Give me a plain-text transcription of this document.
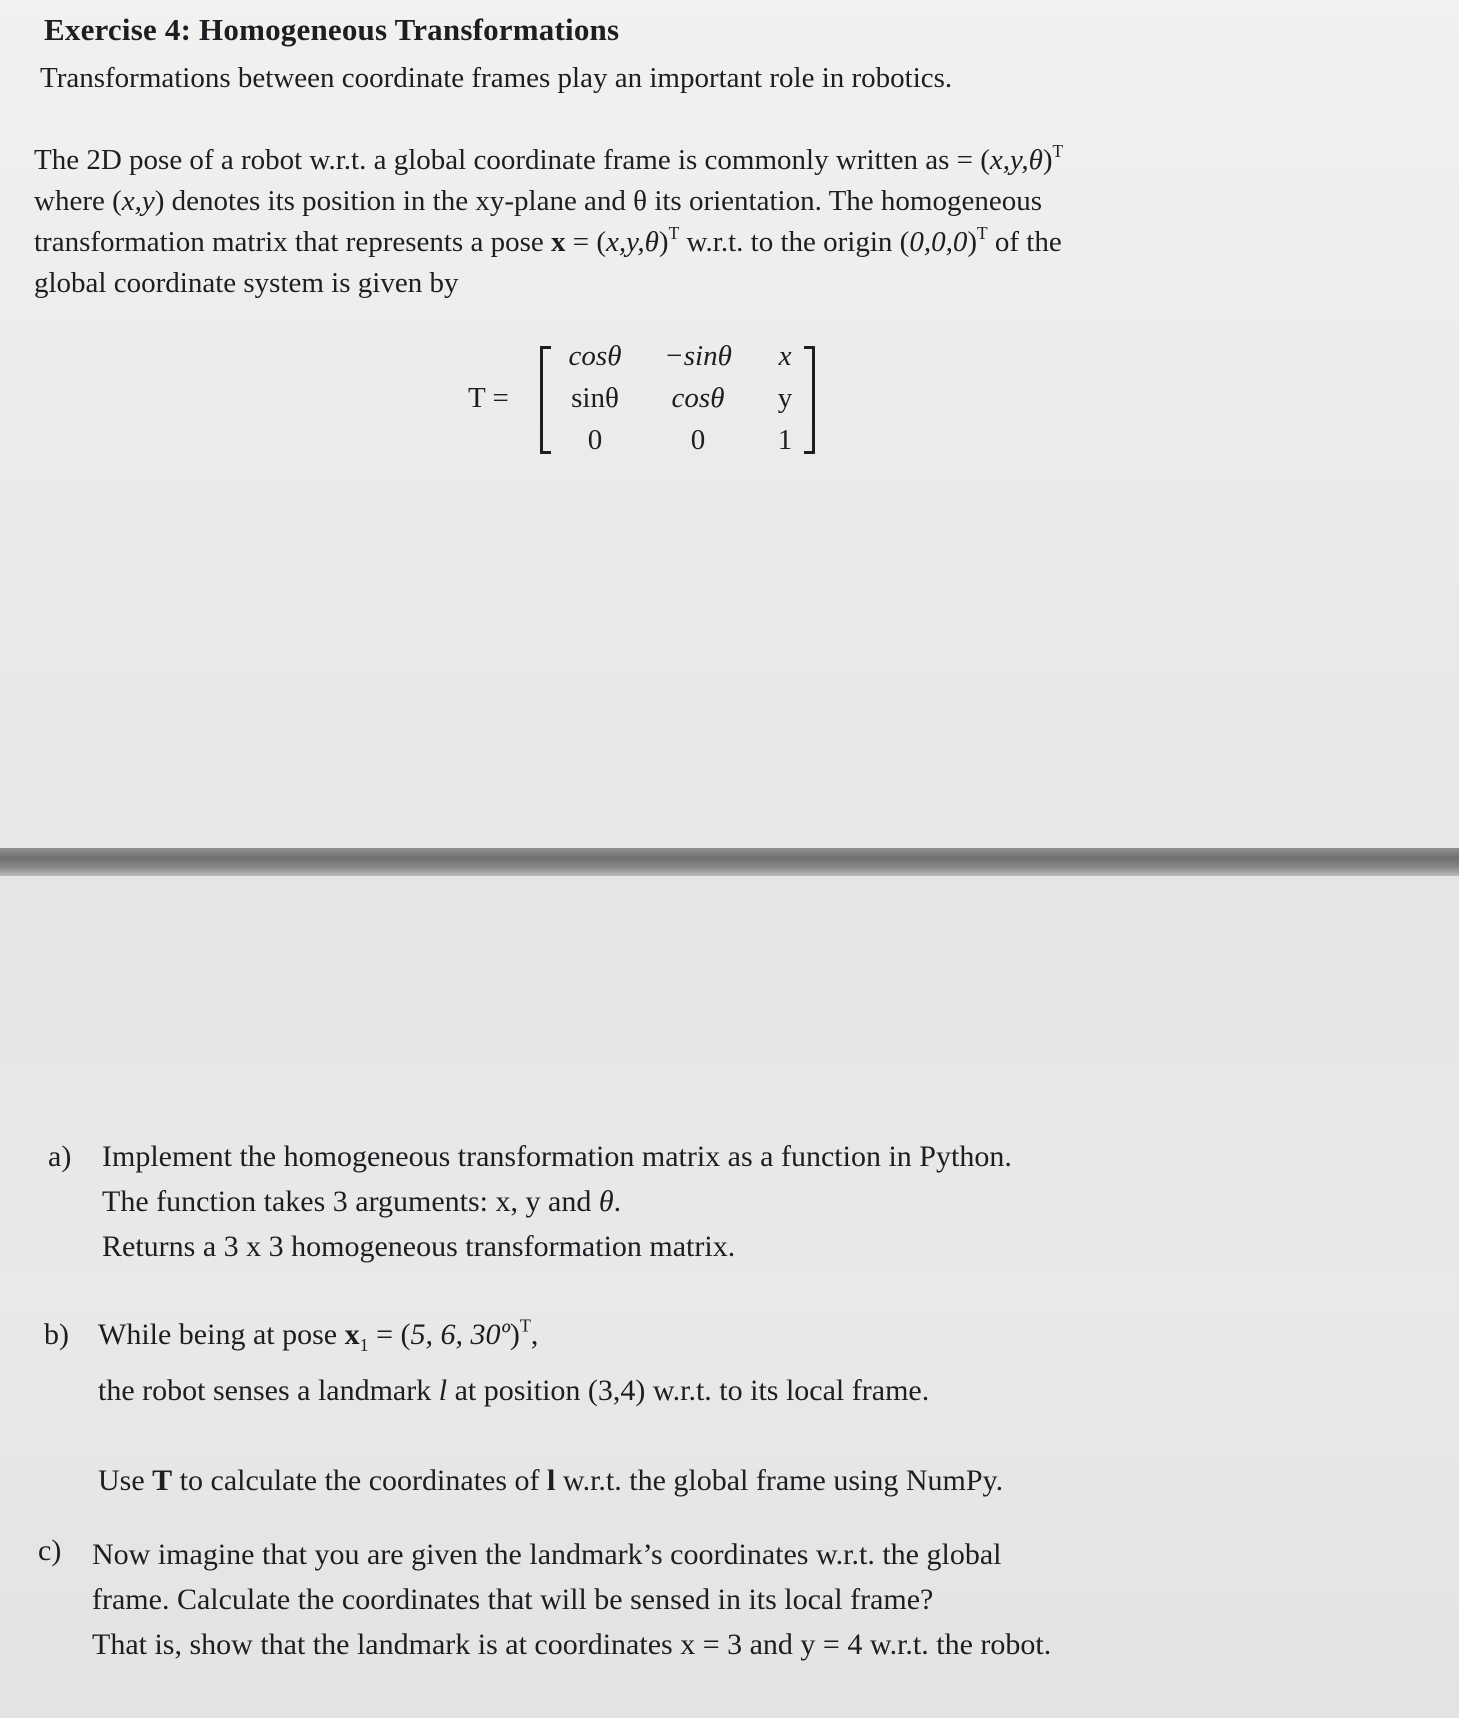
Exercise 4: Homogeneous Transformations

Transformations between coordinate frames play an important role in robotics.

The 2D pose of a robot w.r.t. a global coordinate frame is commonly written as = $(x,y,\theta)^T$
where (x,y) denotes its position in the xy-plane and θ its orientation. The homogeneous
transformation matrix that represents a pose $x = (x,y,\theta)^T$ w.r.t. to the origin $(0,0,0)^T$ of the
global coordinate system is given by
T =
cosθ	−sinθ	x
sinθ	cosθ	y
0	0	1
a) Implement the homogeneous transformation matrix as a function in Python.
The function takes 3 arguments: x, y and θ.
Returns a 3 x 3 homogeneous transformation matrix.
b) While being at pose $x_1 = (5$, 6, 30º)$^T$,
the robot senses a landmark l at position (3,4) w.r.t. to its local frame.
Use T to calculate the coordinates of l w.r.t. the global frame using NumPy.
c) Now imagine that you are given the landmark’s coordinates w.r.t. the global
frame. Calculate the coordinates that will be sensed in its local frame?
That is, show that the landmark is at coordinates x = 3 and y = 4 w.r.t. the robot.
